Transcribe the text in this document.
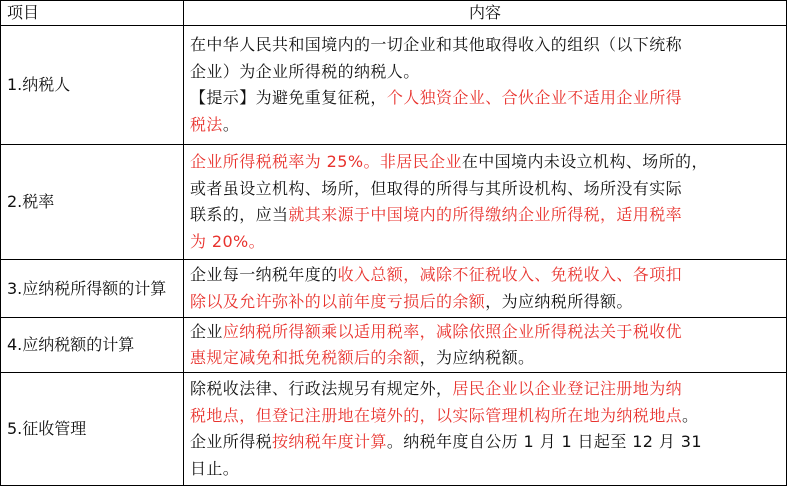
项目	内容
1.纳税人	在中华人民共和国境内的一切企业和其他取得收入的组织（以下统称
企业）为企业所得税的纳税人。
【提示】为避免重复征税，个人独资企业、合伙企业不适用企业所得
税法。

2.税率	企业所得税税率为 25%。非居民企业在中国境内未设立机构、场所的，
或者虽设立机构、场所，但取得的所得与其所设机构、场所没有实际
联系的，应当就其来源于中国境内的所得缴纳企业所得税，适用税率
为 20%。

3.应纳税所得额的计算	企业每一纳税年度的收入总额，减除不征税收入、免税收入、各项扣
除以及允许弥补的以前年度亏损后的余额，为应纳税所得额。

4.应纳税额的计算	企业应纳税所得额乘以适用税率，减除依照企业所得税法关于税收优
惠规定减免和抵免税额后的余额，为应纳税额。

5.征收管理	除税收法律、行政法规另有规定外，居民企业以企业登记注册地为纳
税地点，但登记注册地在境外的，以实际管理机构所在地为纳税地点。
企业所得税按纳税年度计算。纳税年度自公历 1 月 1 日起至 12 月 31
日止。
